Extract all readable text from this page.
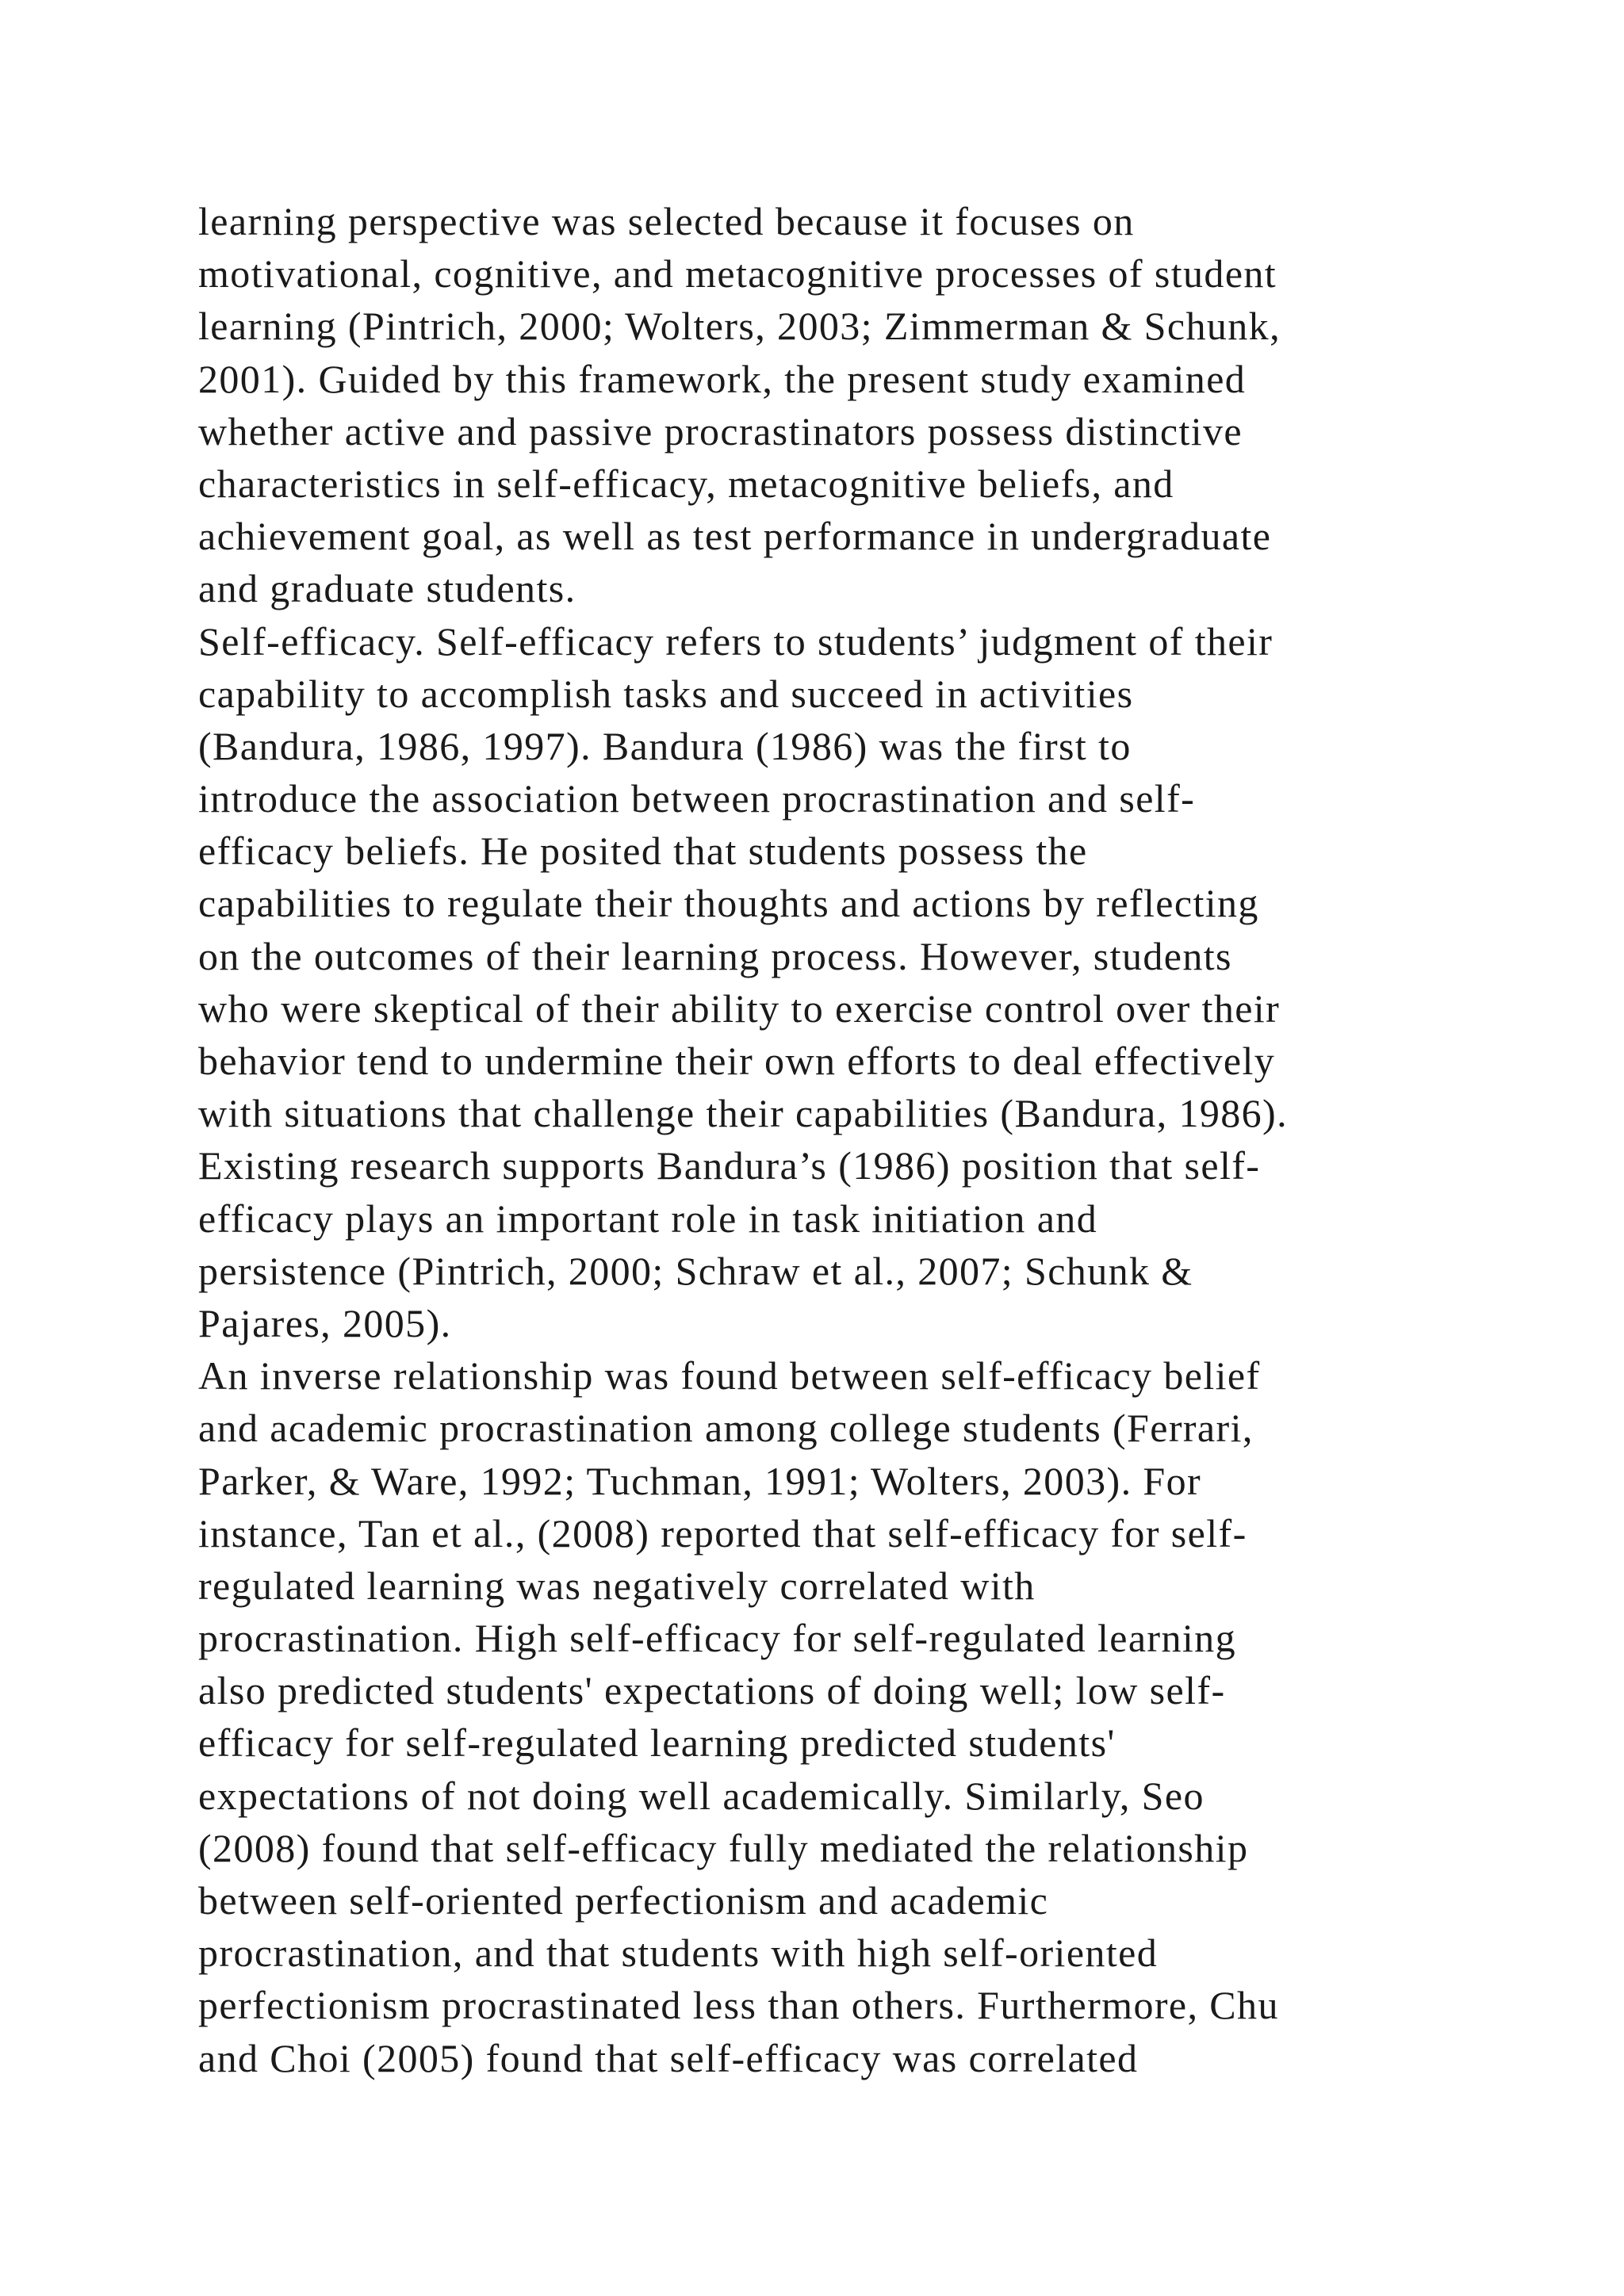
learning perspective was selected because it focuses on
motivational, cognitive, and metacognitive processes of student
learning (Pintrich, 2000; Wolters, 2003; Zimmerman & Schunk,
2001). Guided by this framework, the present study examined
whether active and passive procrastinators possess distinctive
characteristics in self-efficacy, metacognitive beliefs, and
achievement goal, as well as test performance in undergraduate
and graduate students.
Self-efficacy. Self-efficacy refers to students’ judgment of their
capability to accomplish tasks and succeed in activities
(Bandura, 1986, 1997). Bandura (1986) was the first to
introduce the association between procrastination and self-
efficacy beliefs. He posited that students possess the
capabilities to regulate their thoughts and actions by reflecting
on the outcomes of their learning process. However, students
who were skeptical of their ability to exercise control over their
behavior tend to undermine their own efforts to deal effectively
with situations that challenge their capabilities (Bandura, 1986).
Existing research supports Bandura’s (1986) position that self-
efficacy plays an important role in task initiation and
persistence (Pintrich, 2000; Schraw et al., 2007; Schunk &
Pajares, 2005).
An inverse relationship was found between self-efficacy belief
and academic procrastination among college students (Ferrari,
Parker, & Ware, 1992; Tuchman, 1991; Wolters, 2003). For
instance, Tan et al., (2008) reported that self-efficacy for self-
regulated learning was negatively correlated with
procrastination. High self-efficacy for self-regulated learning
also predicted students' expectations of doing well; low self-
efficacy for self-regulated learning predicted students'
expectations of not doing well academically. Similarly, Seo
(2008) found that self-efficacy fully mediated the relationship
between self-oriented perfectionism and academic
procrastination, and that students with high self-oriented
perfectionism procrastinated less than others. Furthermore, Chu
and Choi (2005) found that self-efficacy was correlated
